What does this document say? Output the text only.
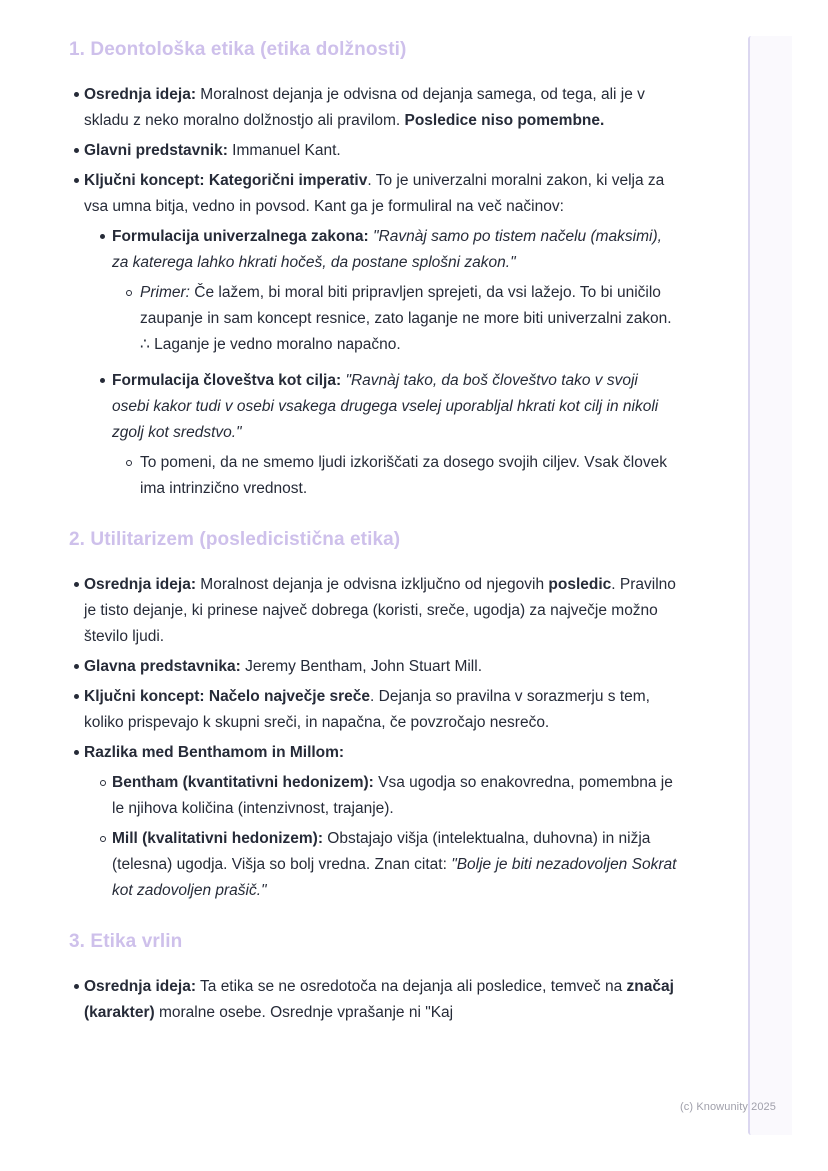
(c) Knowunity 2025
1. Deontološka etika (etika dolžnosti)
Osrednja ideja: Moralnost dejanja je odvisna od dejanja samega, od tega, ali je v skladu z neko moralno dolžnostjo ali pravilom. Posledice niso pomembne.
Glavni predstavnik: Immanuel Kant.
Ključni koncept: Kategorični imperativ. To je univerzalni moralni zakon, ki velja za vsa umna bitja, vedno in povsod. Kant ga je formuliral na več načinov:
Formulacija univerzalnega zakona: "Ravnàj samo po tistem načelu (maksimi), za katerega lahko hkrati hočeš, da postane splošni zakon."
Primer: Če lažem, bi moral biti pripravljen sprejeti, da vsi lažejo. To bi uničilo zaupanje in sam koncept resnice, zato laganje ne more biti univerzalni zakon. ∴ Laganje je vedno moralno napačno.
Formulacija človeštva kot cilja: "Ravnàj tako, da boš človeštvo tako v svoji osebi kakor tudi v osebi vsakega drugega vselej uporabljal hkrati kot cilj in nikoli zgolj kot sredstvo."
To pomeni, da ne smemo ljudi izkoriščati za dosego svojih ciljev. Vsak človek ima intrinzično vrednost.
2. Utilitarizem (posledicistična etika)
Osrednja ideja: Moralnost dejanja je odvisna izključno od njegovih posledic. Pravilno je tisto dejanje, ki prinese največ dobrega (koristi, sreče, ugodja) za največje možno število ljudi.
Glavna predstavnika: Jeremy Bentham, John Stuart Mill.
Ključni koncept: Načelo največje sreče. Dejanja so pravilna v sorazmerju s tem, koliko prispevajo k skupni sreči, in napačna, če povzročajo nesrečo.
Razlika med Benthamom in Millom:
Bentham (kvantitativni hedonizem): Vsa ugodja so enakovredna, pomembna je le njihova količina (intenzivnost, trajanje).
Mill (kvalitativni hedonizem): Obstajajo višja (intelektualna, duhovna) in nižja (telesna) ugodja. Višja so bolj vredna. Znan citat: "Bolje je biti nezadovoljen Sokrat kot zadovoljen prašič."
3. Etika vrlin
Osrednja ideja: Ta etika se ne osredotoča na dejanja ali posledice, temveč na značaj (karakter) moralne osebe. Osrednje vprašanje ni "Kaj
